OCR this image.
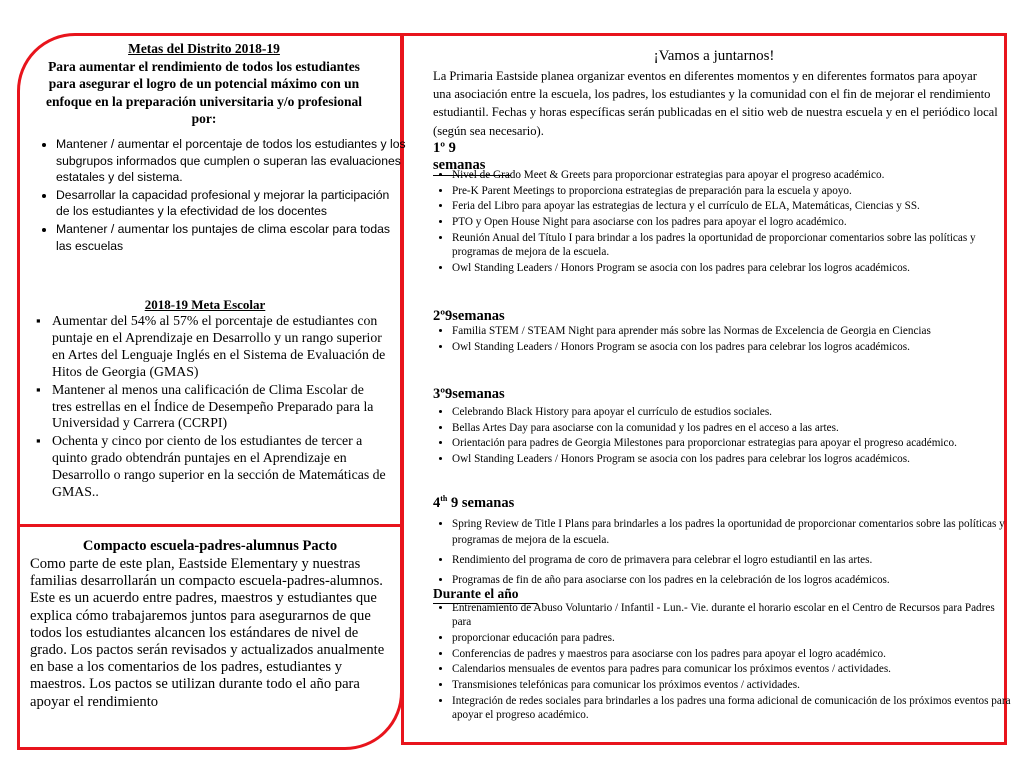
Metas del Distrito 2018-19
Para aumentar el rendimiento de todos los estudiantes para asegurar el logro de un potencial máximo con un enfoque en la preparación universitaria y/o profesional por:
• Mantener / aumentar el porcentaje de todos los estudiantes y los subgrupos informados que cumplen o superan las evaluaciones estatales y del sistema.
• Desarrollar la capacidad profesional y mejorar la participación de los estudiantes y la efectividad de los docentes
• Mantener / aumentar los puntajes de clima escolar para todas las escuelas
2018-19 Meta Escolar
▪ Aumentar del 54% al 57% el porcentaje de estudiantes con puntaje en el Aprendizaje en Desarrollo y un rango superior en Artes del Lenguaje Inglés en el Sistema de Evaluación de Hitos de Georgia (GMAS)
▪ Mantener al menos una calificación de Clima Escolar de tres estrellas en el Índice de Desempeño Preparado para la Universidad y Carrera (CCRPI)
▪ Ochenta y cinco por ciento de los estudiantes de tercer a quinto grado obtendrán puntajes en el Aprendizaje en Desarrollo o rango superior en la sección de Matemáticas de GMAS..
Compacto escuela-padres-alumnus Pacto
Como parte de este plan, Eastside Elementary y nuestras familias desarrollarán un compacto escuela-padres-alumnos. Este es un acuerdo entre padres, maestros y estudiantes que explica cómo trabajaremos juntos para asegurarnos de que todos los estudiantes alcancen los estándares de nivel de grado. Los pactos serán revisados y actualizados anualmente en base a los comentarios de los padres, estudiantes y maestros. Los pactos se utilizan durante todo el año para apoyar el rendimiento
¡Vamos a juntarnos!
La Primaria Eastside planea organizar eventos en diferentes momentos y en diferentes formatos para apoyar una asociación entre la escuela, los padres, los estudiantes y la comunidad con el fin de mejorar el rendimiento estudiantil. Fechas y horas específicas serán publicadas en el sitio web de nuestra escuela y en el periódico local (según sea necesario).
1º 9 semanas
• Nivel de Grado Meet & Greets para proporcionar estrategias para apoyar el progreso académico.
• Pre-K Parent Meetings to proporciona estrategias de preparación para la escuela y apoyo.
• Feria del Libro para apoyar las estrategias de lectura y el currículo de ELA, Matemáticas, Ciencias y SS.
• PTO y Open House Night para asociarse con los padres para apoyar el logro académico.
• Reunión Anual del Título I para brindar a los padres la oportunidad de proporcionar comentarios sobre las políticas y programas de mejora de la escuela.
• Owl Standing Leaders / Honors Program se asocia con los padres para celebrar los logros académicos.
2º9semanas
• Familia STEM / STEAM Night para aprender más sobre las Normas de Excelencia de Georgia en Ciencias
• Owl Standing Leaders / Honors Program se asocia con los padres para celebrar los logros académicos.
3º9semanas
• Celebrando Black History para apoyar el currículo de estudios sociales.
• Bellas Artes Day para asociarse con la comunidad y los padres en el acceso a las artes.
• Orientación para padres de Georgia Milestones para proporcionar estrategias para apoyar el progreso académico.
• Owl Standing Leaders / Honors Program se asocia con los padres para celebrar los logros académicos.
4th 9 semanas
• Spring Review de Title I Plans para brindarles a los padres la oportunidad de proporcionar comentarios sobre las políticas y programas de mejora de la escuela.
• Rendimiento del programa de coro de primavera para celebrar el logro estudiantil en las artes.
• Programas de fin de año para asociarse con los padres en la celebración de los logros académicos.
Durante el año
• Entrenamiento de Abuso Voluntario / Infantil - Lun.- Vie. durante el horario escolar en el Centro de Recursos para Padres para
• proporcionar educación para padres.
• Conferencias de padres y maestros para asociarse con los padres para apoyar el logro académico.
• Calendarios mensuales de eventos para padres para comunicar los próximos eventos / actividades.
• Transmisiones telefónicas para comunicar los próximos eventos / actividades.
• Integración de redes sociales para brindarles a los padres una forma adicional de comunicación de los próximos eventos para apoyar el progreso académico.
